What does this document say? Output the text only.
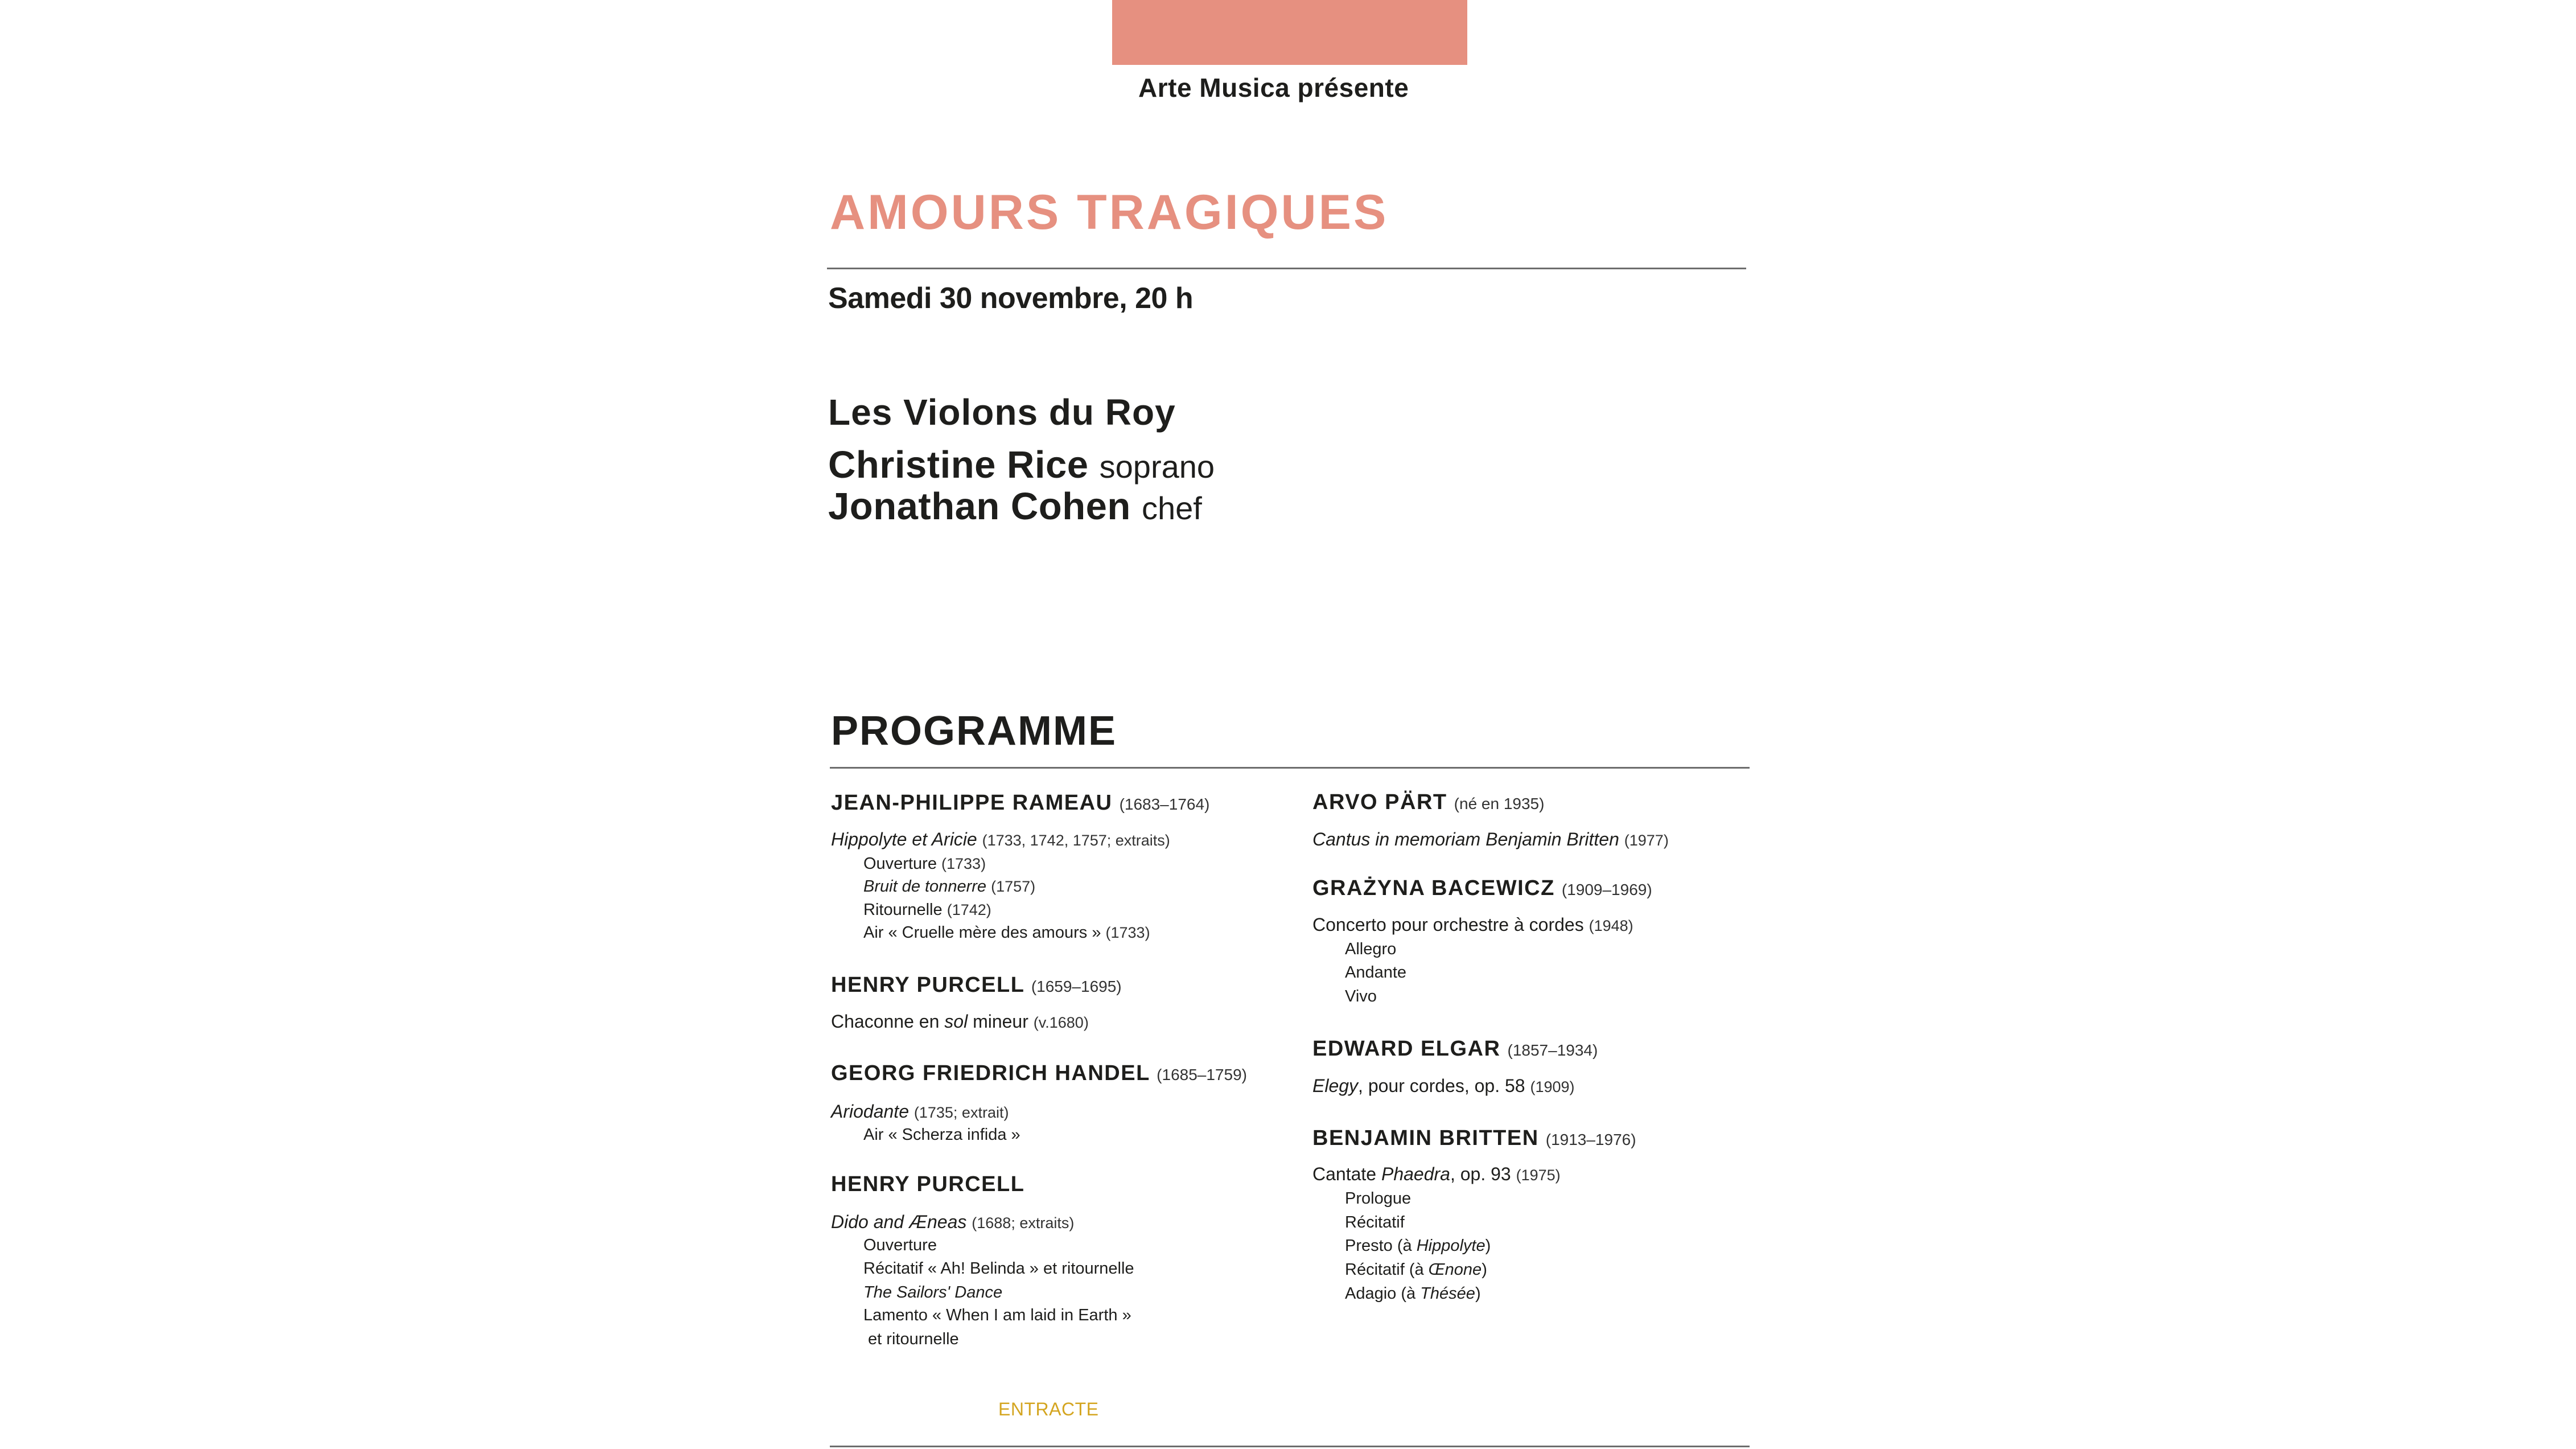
Arte Musica présente
AMOURS TRAGIQUES
Samedi 30 novembre, 20 h
Les Violons du Roy
Christine Rice soprano
Jonathan Cohen chef
PROGRAMME
JEAN-PHILIPPE RAMEAU (1683–1764)
Hippolyte et Aricie (1733, 1742, 1757; extraits)
Ouverture (1733)
Bruit de tonnerre (1757)
Ritournelle (1742)
Air « Cruelle mère des amours » (1733)
HENRY PURCELL (1659–1695)
Chaconne en sol mineur (v.1680)
GEORG FRIEDRICH HANDEL (1685–1759)
Ariodante (1735; extrait)
Air « Scherza infida »
HENRY PURCELL
Dido and Æneas (1688; extraits)
Ouverture
Récitatif « Ah! Belinda » et ritournelle
The Sailors' Dance
Lamento « When I am laid in Earth »
et ritournelle
ENTRACTE
ARVO PÄRT (né en 1935)
Cantus in memoriam Benjamin Britten (1977)
GRAŻYNA BACEWICZ (1909–1969)
Concerto pour orchestre à cordes (1948)
Allegro
Andante
Vivo
EDWARD ELGAR (1857–1934)
Elegy, pour cordes, op. 58 (1909)
BENJAMIN BRITTEN (1913–1976)
Cantate Phaedra, op. 93 (1975)
Prologue
Récitatif
Presto (à Hippolyte)
Récitatif (à Œnone)
Adagio (à Thésée)
